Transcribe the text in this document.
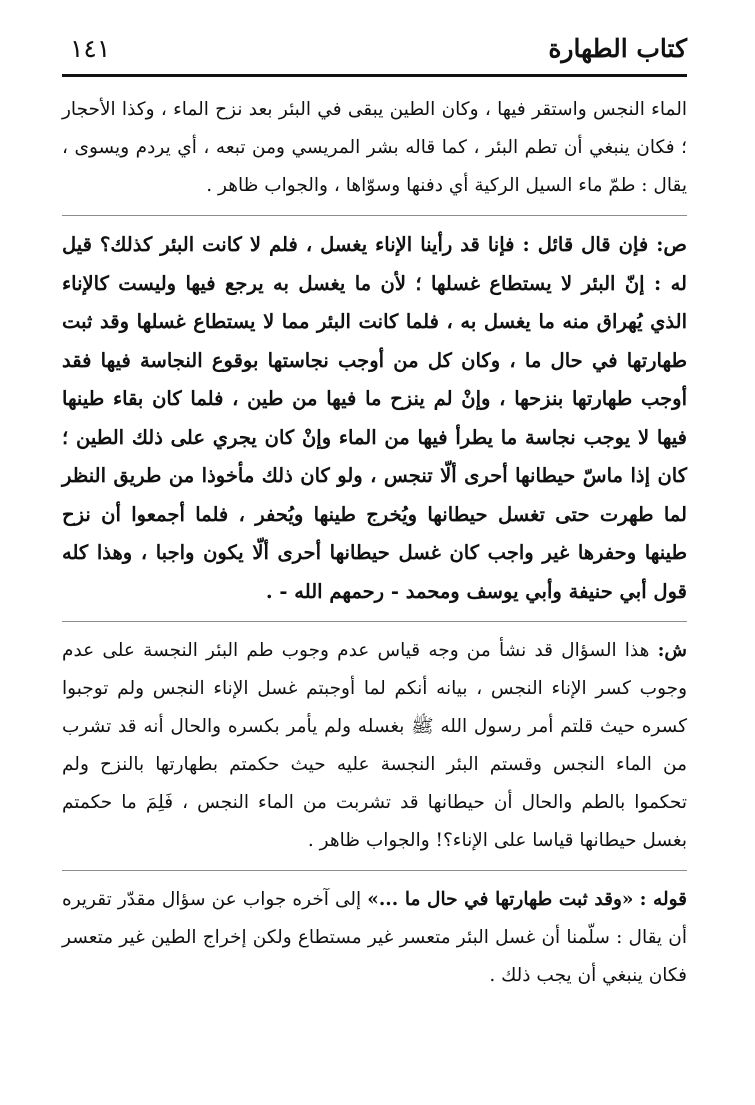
كتاب الطهارة
١٤١

الماء النجس واستقر فيها ، وكان الطين يبقى في البئر بعد نزح الماء ، وكذا الأحجار ؛ فكان ينبغي أن تطم البئر ، كما قاله بشر المريسي ومن تبعه ، أي يردم ويسوى ، يقال : طمّ ماء السيل الركية أي دفنها وسوّاها ، والجواب ظاهر .

ص: فإن قال قائل : فإنا قد رأينا الإناء يغسل ، فلم لا كانت البئر كذلك؟ قيل له : إنّ البئر لا يستطاع غسلها ؛ لأن ما يغسل به يرجع فيها وليست كالإناء الذي يُهراق منه ما يغسل به ، فلما كانت البئر مما لا يستطاع غسلها وقد ثبت طهارتها في حال ما ، وكان كل من أوجب نجاستها بوقوع النجاسة فيها فقد أوجب طهارتها بنزحها ، وإنْ لم ينزح ما فيها من طين ، فلما كان بقاء طينها فيها لا يوجب نجاسة ما يطرأ فيها من الماء وإنْ كان يجري على ذلك الطين ؛ كان إذا ماسّ حيطانها أحرى ألّا تنجس ، ولو كان ذلك مأخوذا من طريق النظر لما طهرت حتى تغسل حيطانها ويُخرج طينها ويُحفر ، فلما أجمعوا أن نزح طينها وحفرها غير واجب كان غسل حيطانها أحرى ألّا يكون واجبا ، وهذا كله قول أبي حنيفة وأبي يوسف ومحمد - رحمهم الله - .

ش: هذا السؤال قد نشأ من وجه قياس عدم وجوب طم البئر النجسة على عدم وجوب كسر الإناء النجس ، بيانه أنكم لما أوجبتم غسل الإناء النجس ولم توجبوا كسره حيث قلتم أمر رسول الله ﷺ بغسله ولم يأمر بكسره والحال أنه قد تشرب من الماء النجس وقستم البئر النجسة عليه حيث حكمتم بطهارتها بالنزح ولم تحكموا بالطم والحال أن حيطانها قد تشربت من الماء النجس ، فَلِمَ ما حكمتم بغسل حيطانها قياسا على الإناء؟! والجواب ظاهر .

قوله : «وقد ثبت طهارتها في حال ما ...» إلى آخره جواب عن سؤال مقدّر تقريره أن يقال : سلّمنا أن غسل البئر متعسر غير مستطاع ولكن إخراج الطين غير متعسر فكان ينبغي أن يجب ذلك .
